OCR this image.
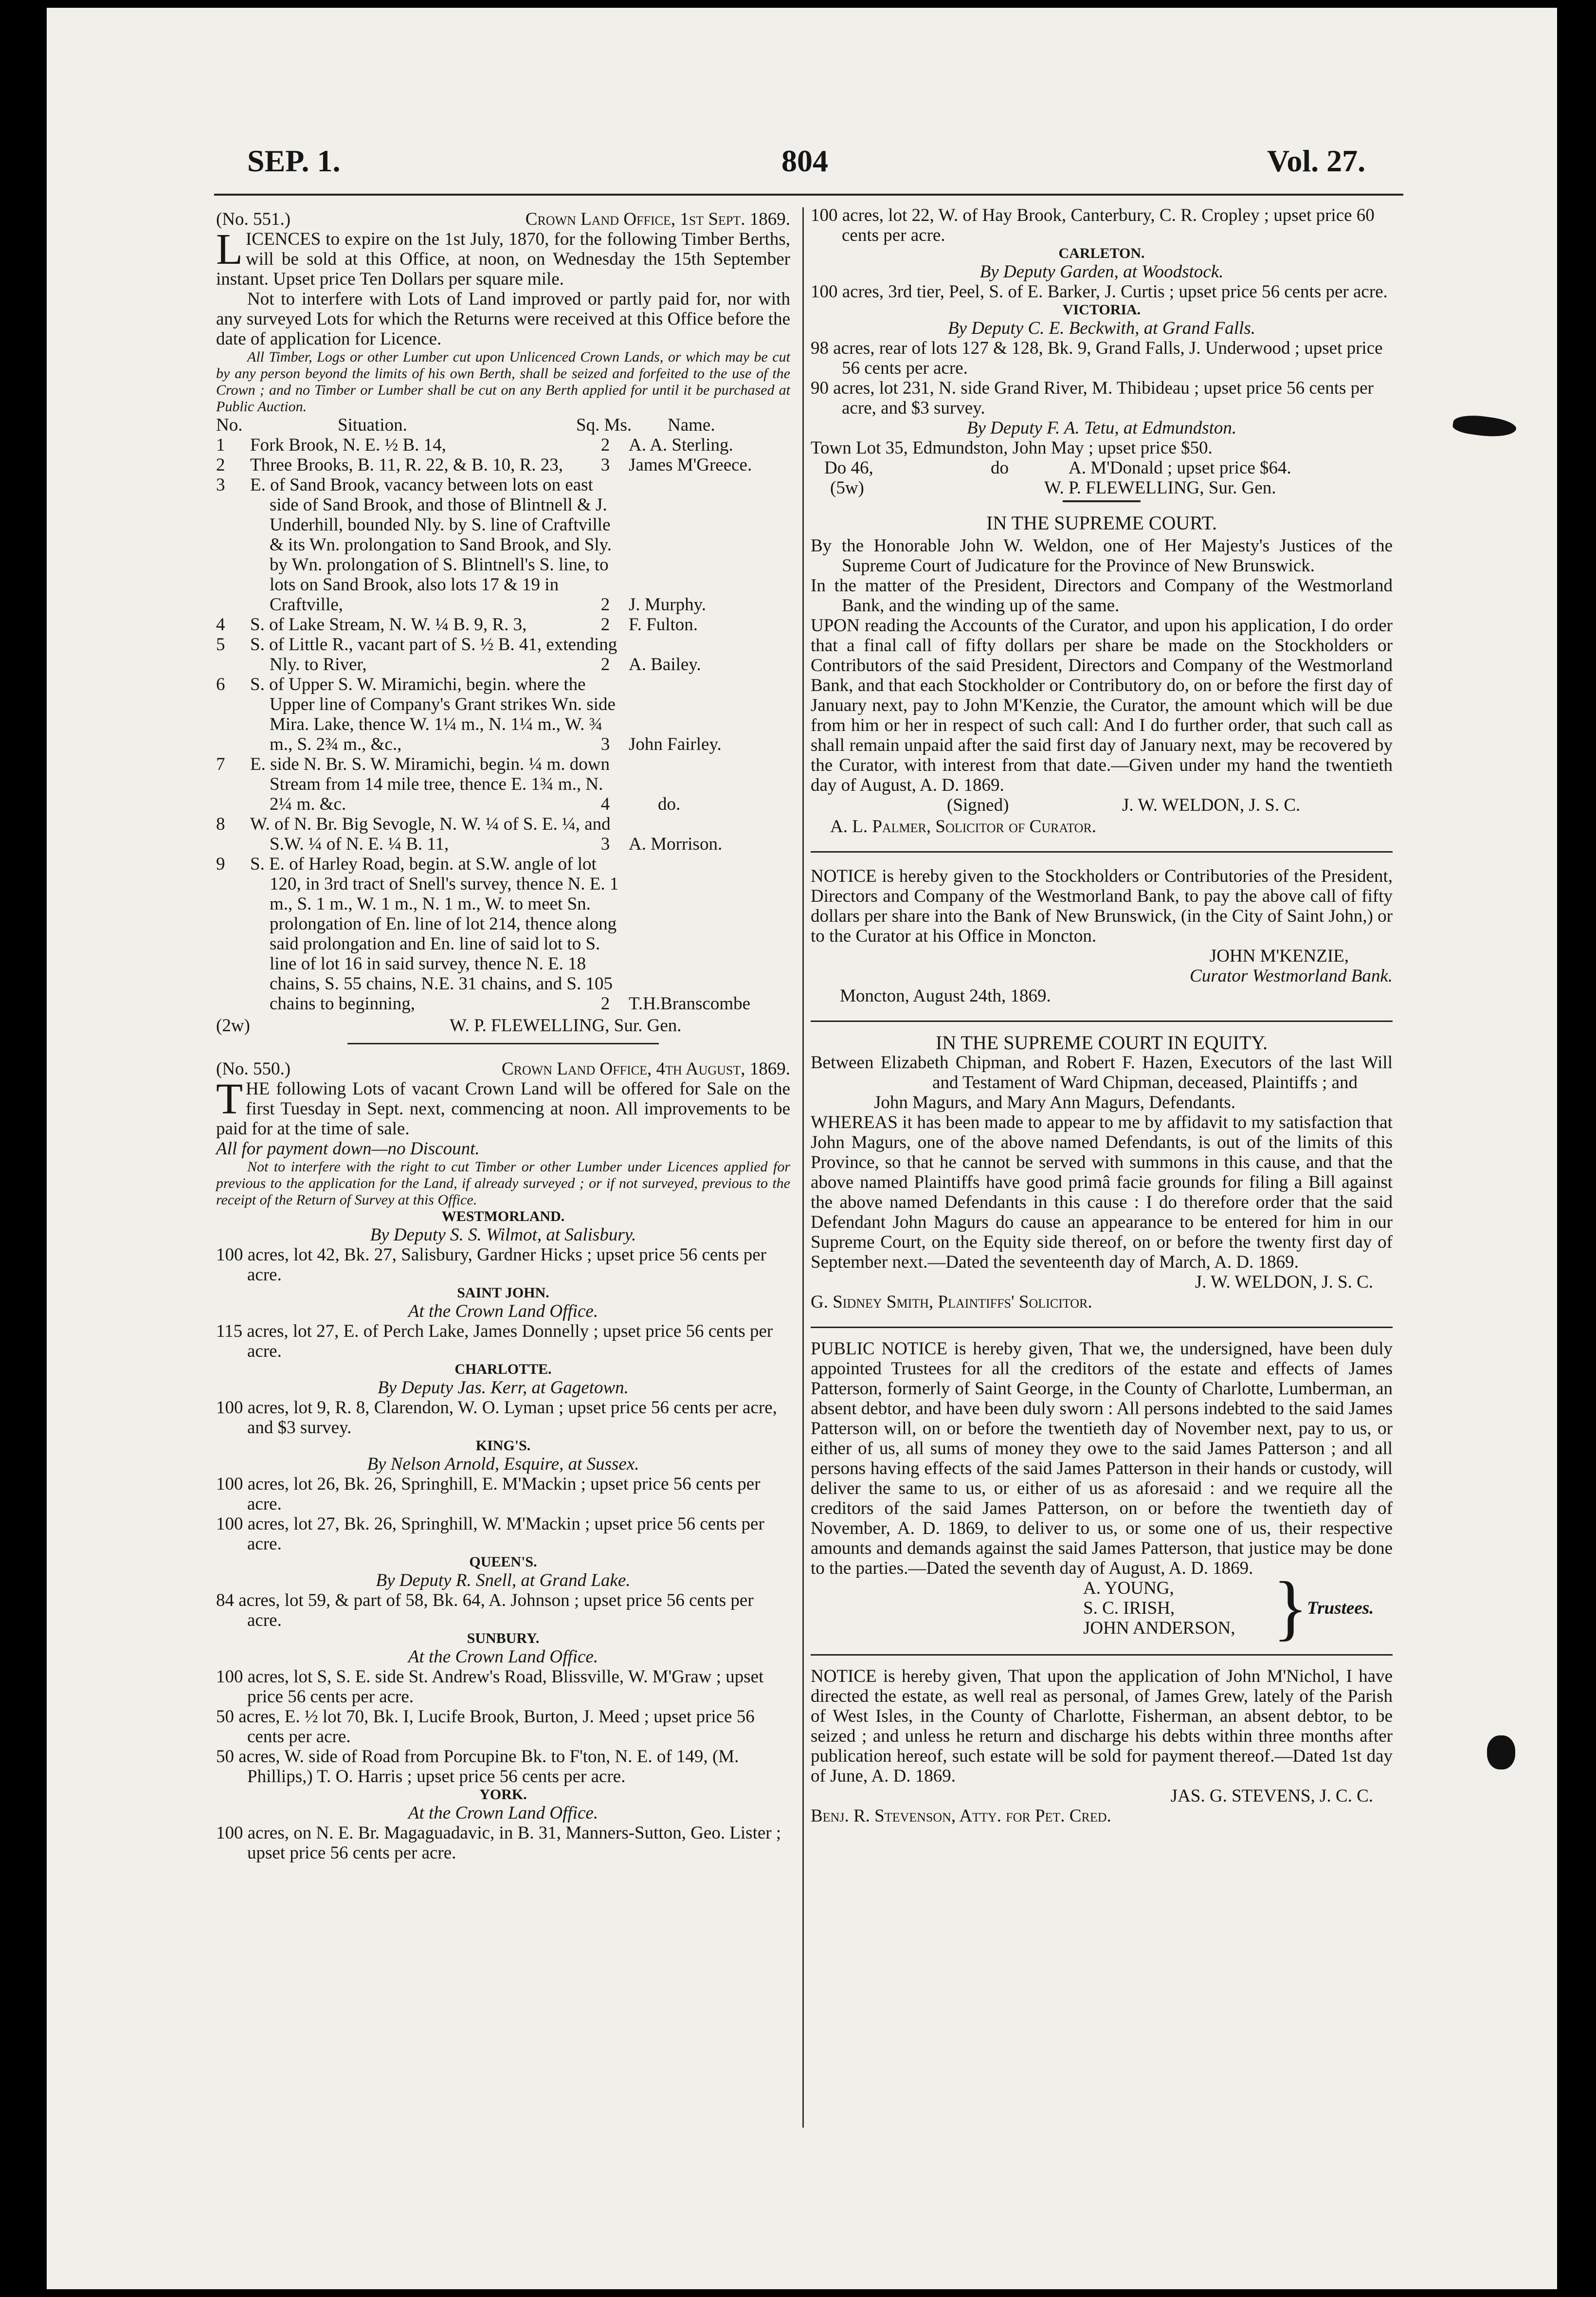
SEP. 1.	804	Vol. 27.
(No. 551.)	Crown Land Office, 1st Sept. 1869.

LICENCES to expire on the 1st July, 1870, for the following Timber Berths, will be sold at this Office, at noon, on Wednesday the 15th September instant. Upset price Ten Dollars per square mile.

Not to interfere with Lots of Land improved or partly paid for, nor with any surveyed Lots for which the Returns were received at this Office before the date of application for Licence.

All Timber, Logs or other Lumber cut upon Unlicenced Crown Lands, or which may be cut by any person beyond the limits of his own Berth, shall be seized and forfeited to the use of the Crown ; and no Timber or Lumber shall be cut on any Berth applied for until it be purchased at Public Auction.

No.	Situation.	Sq. Ms. Name.
1	Fork Brook, N. E. ½ B. 14,	2 A. A. Sterling.
2	Three Brooks, B. 11, R. 22, & B. 10, R. 23,	3 James M'Greece.
3	E. of Sand Brook, vacancy between lots on east side of Sand Brook, and those of Blintnell & J. Underhill, bounded Nly. by S. line of Craftville & its Wn. prolongation to Sand Brook, and Sly. by Wn. prolongation of S. Blintnell's S. line, to lots on Sand Brook, also lots 17 & 19 in Craftville,	2 J. Murphy.
4	S. of Lake Stream, N. W. ¼ B. 9, R. 3,	2 F. Fulton.
5	S. of Little R., vacant part of S. ½ B. 41, extending Nly. to River,	2 A. Bailey.
6	S. of Upper S. W. Miramichi, begin. where the Upper line of Company's Grant strikes Wn. side Mira. Lake, thence W. 1¼ m., N. 1¼ m., W. ¾ m., S. 2¾ m., &c.,	3 John Fairley.
7	E. side N. Br. S. W. Miramichi, begin. ¼ m. down Stream from 14 mile tree, thence E. 1¾ m., N. 2¼ m. &c.	4	do.
8	W. of N. Br. Big Sevogle, N. W. ¼ of S. E. ¼, and S.W. ¼ of N. E. ¼ B. 11,	3 A. Morrison.
9	S. E. of Harley Road, begin. at S.W. angle of lot 120, in 3rd tract of Snell's survey, thence N. E. 1 m., S. 1 m., W. 1 m., N. 1 m., W. to meet Sn. prolongation of En. line of lot 214, thence along said prolongation and En. line of said lot to S. line of lot 16 in said survey, thence N. E. 18 chains, S. 55 chains, N.E. 31 chains, and S. 105 chains to beginning,	2 T.H.Branscombe
(2w)	W. P. FLEWELLING, Sur. Gen.
(No. 550.)	Crown Land Office, 4th August, 1869.

THE following Lots of vacant Crown Land will be offered for Sale on the first Tuesday in Sept. next, commencing at noon. All improvements to be paid for at the time of sale.

All for payment down—no Discount.

Not to interfere with the right to cut Timber or other Lumber under Licences applied for previous to the application for the Land, if already surveyed ; or if not surveyed, previous to the receipt of the Return of Survey at this Office.

WESTMORLAND.

By Deputy S. S. Wilmot, at Salisbury.

100 acres, lot 42, Bk. 27, Salisbury, Gardner Hicks ; upset price 56 cents per acre.

SAINT JOHN.

At the Crown Land Office.

115 acres, lot 27, E. of Perch Lake, James Donnelly ; upset price 56 cents per acre.

CHARLOTTE.

By Deputy Jas. Kerr, at Gagetown.

100 acres, lot 9, R. 8, Clarendon, W. O. Lyman ; upset price 56 cents per acre, and $3 survey.

KING'S.

By Nelson Arnold, Esquire, at Sussex.

100 acres, lot 26, Bk. 26, Springhill, E. M'Mackin ; upset price 56 cents per acre.

100 acres, lot 27, Bk. 26, Springhill, W. M'Mackin ; upset price 56 cents per acre.

QUEEN'S.

By Deputy R. Snell, at Grand Lake.

84 acres, lot 59, & part of 58, Bk. 64, A. Johnson ; upset price 56 cents per acre.

SUNBURY.

At the Crown Land Office.

100 acres, lot S, S. E. side St. Andrew's Road, Blissville, W. M'Graw ; upset price 56 cents per acre.

50 acres, E. ½ lot 70, Bk. I, Lucife Brook, Burton, J. Meed ; upset price 56 cents per acre.

50 acres, W. side of Road from Porcupine Bk. to F'ton, N. E. of 149, (M. Phillips,) T. O. Harris ; upset price 56 cents per acre.

YORK.

At the Crown Land Office.

100 acres, on N. E. Br. Magaguadavic, in B. 31, Manners-Sutton, Geo. Lister ; upset price 56 cents per acre.

100 acres, lot 22, W. of Hay Brook, Canterbury, C. R. Cropley ; upset price 60 cents per acre.

CARLETON.

By Deputy Garden, at Woodstock.

100 acres, 3rd tier, Peel, S. of E. Barker, J. Curtis ; upset price 56 cents per acre.

VICTORIA.

By Deputy C. E. Beckwith, at Grand Falls.

98 acres, rear of lots 127 & 128, Bk. 9, Grand Falls, J. Underwood ; upset price 56 cents per acre.

90 acres, lot 231, N. side Grand River, M. Thibideau ; upset price 56 cents per acre, and $3 survey.

By Deputy F. A. Tetu, at Edmundston.

Town Lot 35, Edmundston, John May ; upset price $50.

Do 46,	do	A. M'Donald ; upset price $64.
(5w)	W. P. FLEWELLING, Sur. Gen.

IN THE SUPREME COURT.

By the Honorable John W. Weldon, one of Her Majesty's Justices of the Supreme Court of Judicature for the Province of New Brunswick.

In the matter of the President, Directors and Company of the Westmorland Bank, and the winding up of the same.

UPON reading the Accounts of the Curator, and upon his application, I do order that a final call of fifty dollars per share be made on the Stockholders or Contributors of the said President, Directors and Company of the Westmorland Bank, and that each Stockholder or Contributory do, on or before the first day of January next, pay to John M'Kenzie, the Curator, the amount which will be due from him or her in respect of such call: And I do further order, that such call as shall remain unpaid after the said first day of January next, may be recovered by the Curator, with interest from that date.—Given under my hand the twentieth day of August, A. D. 1869.

(Signed)	J. W. WELDON, J. S. C.

A. L. Palmer, Solicitor of Curator.

NOTICE is hereby given to the Stockholders or Contributories of the President, Directors and Company of the Westmorland Bank, to pay the above call of fifty dollars per share into the Bank of New Brunswick, (in the City of Saint John,) or to the Curator at his Office in Moncton.

JOHN M'KENZIE,

Curator Westmorland Bank.

Moncton, August 24th, 1869.

IN THE SUPREME COURT IN EQUITY.

Between Elizabeth Chipman, and Robert F. Hazen, Executors of the last Will and Testament of Ward Chipman, deceased, Plaintiffs ; and

John Magurs, and Mary Ann Magurs, Defendants.

WHEREAS it has been made to appear to me by affidavit to my satisfaction that John Magurs, one of the above named Defendants, is out of the limits of this Province, so that he cannot be served with summons in this cause, and that the above named Plaintiffs have good primâ facie grounds for filing a Bill against the above named Defendants in this cause : I do therefore order that the said Defendant John Magurs do cause an appearance to be entered for him in our Supreme Court, on the Equity side thereof, on or before the twenty first day of September next.—Dated the seventeenth day of March, A. D. 1869.

J. W. WELDON, J. S. C.

G. Sidney Smith, Plaintiffs' Solicitor.

PUBLIC NOTICE is hereby given, That we, the undersigned, have been duly appointed Trustees for all the creditors of the estate and effects of James Patterson, formerly of Saint George, in the County of Charlotte, Lumberman, an absent debtor, and have been duly sworn : All persons indebted to the said James Patterson will, on or before the twentieth day of November next, pay to us, or either of us, all sums of money they owe to the said James Patterson ; and all persons having effects of the said James Patterson in their hands or custody, will deliver the same to us, or either of us as aforesaid : and we require all the creditors of the said James Patterson, on or before the twentieth day of November, A. D. 1869, to deliver to us, or some one of us, their respective amounts and demands against the said James Patterson, that justice may be done to the parties.—Dated the seventh day of August, A. D. 1869.

A. YOUNG,
S. C. IRISH,
JOHN ANDERSON, }
Trustees.

NOTICE is hereby given, That upon the application of John M'Nichol, I have directed the estate, as well real as personal, of James Grew, lately of the Parish of West Isles, in the County of Charlotte, Fisherman, an absent debtor, to be seized ; and unless he return and discharge his debts within three months after publication hereof, such estate will be sold for payment thereof.—Dated 1st day of June, A. D. 1869.

JAS. G. STEVENS, J. C. C.

Benj. R. Stevenson, Atty. for Pet. Cred.
